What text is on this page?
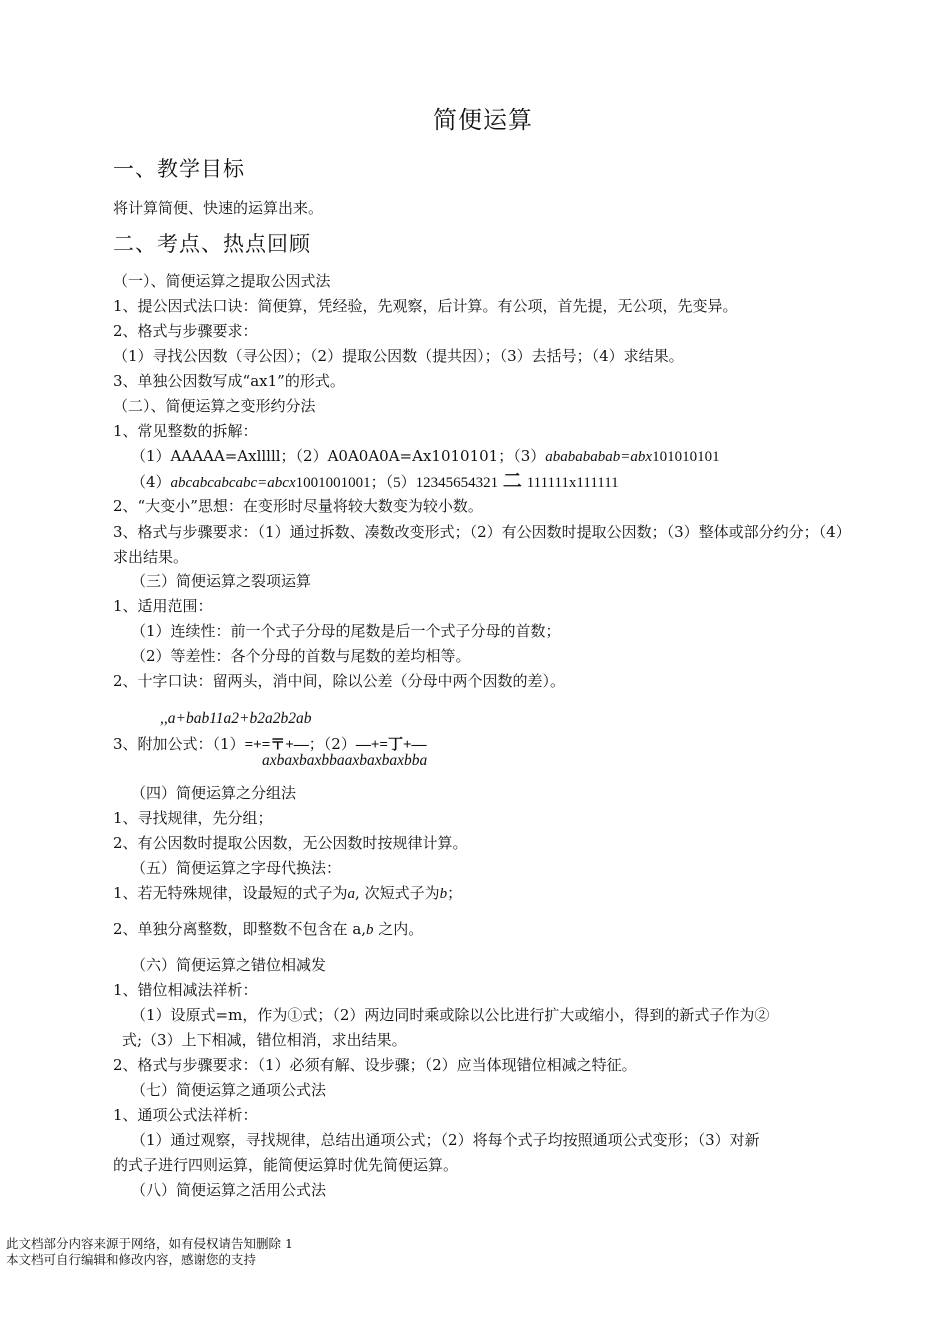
简便运算
一、教学目标
将计算简便、快速的运算出来。
二、考点、热点回顾
（一）、简便运算之提取公因式法
1、提公因式法口诀：简便算，凭经验，先观察，后计算。有公项，首先提，无公项，先变异。
2、格式与步骤要求：
（1）寻找公因数（寻公因）；（2）提取公因数（提共因）；（3）去括号；（4）求结果。
3、单独公因数写成“ax1”的形式。
（二）、简便运算之变形约分法
1、常见整数的拆解：
（1）AAAAA=Axlllll；（2）A0A0A0A=Ax1010101；（3）ababababab=abx101010101
（4）abcabcabcabc=abcx1001001001；（5）12345654321 二 111111x111111
2、“大变小”思想：在变形时尽量将较大数变为较小数。
3、格式与步骤要求：（1）通过拆数、凑数改变形式；（2）有公因数时提取公因数；（3）整体或部分约分；（4）求出结果。
（三）简便运算之裂项运算
1、适用范围：
（1）连续性：前一个式子分母的尾数是后一个式子分母的首数；
（2）等差性：各个分母的首数与尾数的差均相等。
2、十字口诀：留两头，消中间，除以公差（分母中两个因数的差）。
,,a+bab11a2+b2a2b2ab
3、附加公式：（1）=+=〒+—；（2）—+=丁+—
axbaxbaxbbaaxbaxbaxbba
（四）简便运算之分组法
1、寻找规律，先分组；
2、有公因数时提取公因数，无公因数时按规律计算。
（五）简便运算之字母代换法：
1、若无特殊规律，设最短的式子为a, 次短式子为b；
2、单独分离整数，即整数不包含在 a,b 之内。
（六）简便运算之错位相减发
1、错位相减法祥析：
（1）设原式=m，作为①式；（2）两边同时乘或除以公比进行扩大或缩小，得到的新式子作为②
式;（3）上下相减，错位相消，求出结果。
2、格式与步骤要求：（1）必须有解、设步骤；（2）应当体现错位相减之特征。
（七）简便运算之通项公式法
1、通项公式法祥析：
（1）通过观察，寻找规律，总结出通项公式；（2）将每个式子均按照通项公式变形；（3）对新
的式子进行四则运算，能简便运算时优先简便运算。
（八）简便运算之活用公式法
此文档部分内容来源于网络，如有侵权请告知删除 1
本文档可自行编辑和修改内容，感谢您的支持
